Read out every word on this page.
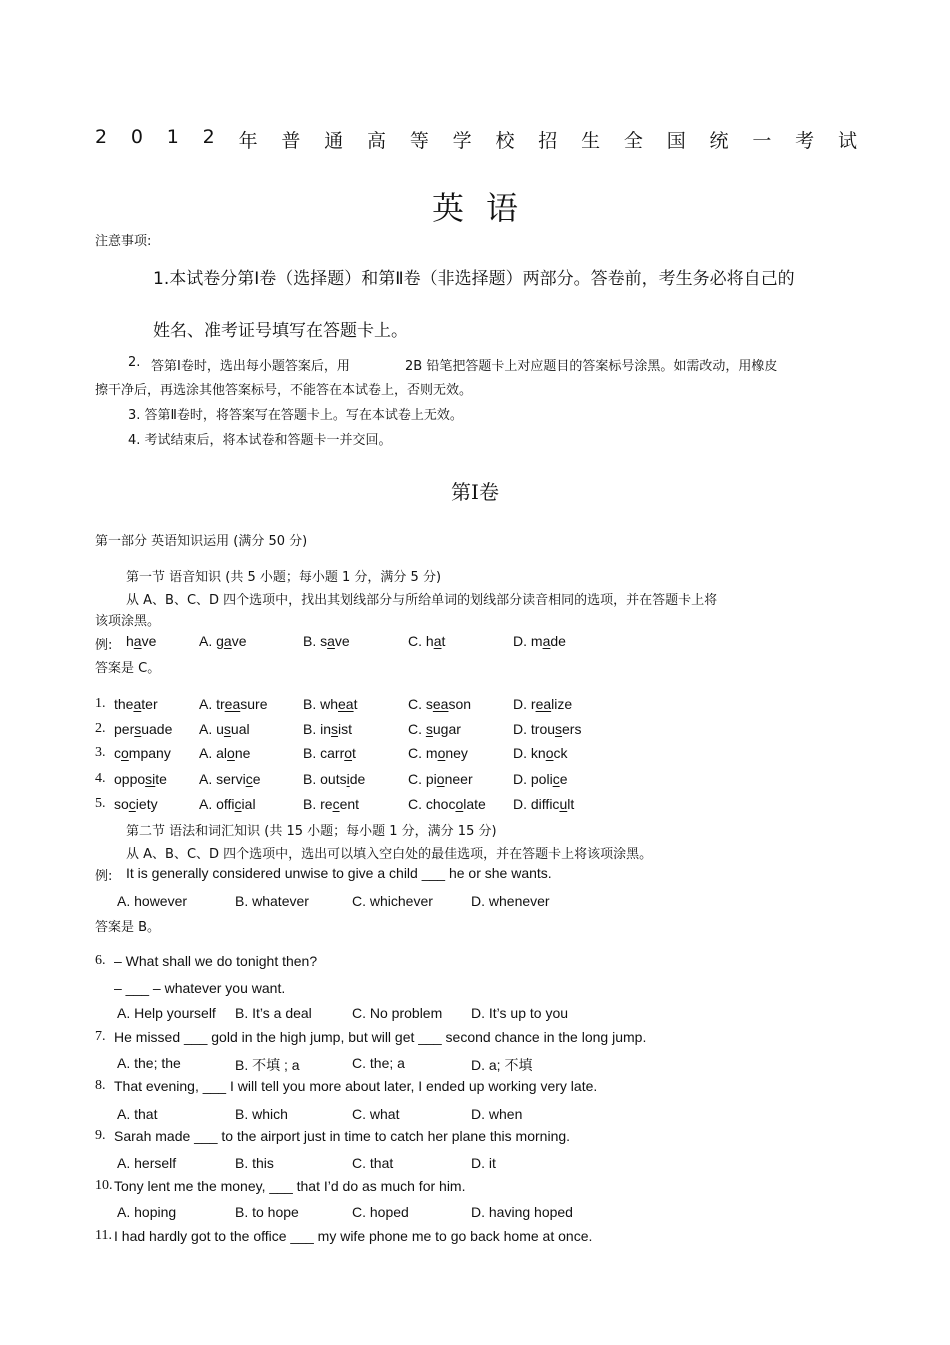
2 0 1 2 年 普 通 高 等 学 校 招 生 全 国 统 一 考 试
英语
注意事项:
1.本试卷分第Ⅰ卷（选择题）和第Ⅱ卷（非选择题）两部分。答卷前，考生务必将自己的
姓名、准考证号填写在答题卡上。
2. 答第Ⅰ卷时，选出每小题答案后，用	2B 铅笔把答题卡上对应题目的答案标号涂黑。如需改动，用橡皮
擦干净后，再选涂其他答案标号，不能答在本试卷上，否则无效。
3. 答第Ⅱ卷时，将答案写在答题卡上。写在本试卷上无效。
4. 考试结束后，将本试卷和答题卡一并交回。
第Ⅰ卷
第一部分 英语知识运用 (满分 50 分)
第一节 语音知识 (共 5 小题；每小题 1 分，满分 5 分)
从 A、B、C、D 四个选项中，找出其划线部分与所给单词的划线部分读音相同的选项，并在答题卡上将
该项涂黑。
例: have	A. gave	B. save	C. hat	D. made
答案是 C。
1. theater	A. treasure	B. wheat	C. season	D. realize
2. persuade A. usual	B. insist	C. sugar	D. trousers
3. company A. alone	B. carrot	C. money	D. knock
4. opposite A. service	B. outside	C. pioneer	D. police
5. society	A. official	B. recent	C. chocolate D. difficult
第二节 语法和词汇知识 (共 15 小题；每小题 1 分，满分 15 分)
从 A、B、C、D 四个选项中，选出可以填入空白处的最佳选项，并在答题卡上将该项涂黑。
例: It is generally considered unwise to give a child ___ he or she wants.
A. however	B. whatever	C. whichever	D. whenever
答案是 B。
6. – What shall we do tonight then?
– ___ – whatever you want.
A. Help yourself B. It’s a deal	C. No problem D. It’s up to you
7. He missed ___ gold in the high jump, but will get ___ second chance in the long jump.
A. the; the	B. 不填 ; a	C. the; a	D. a; 不填
8. That evening, ___ I will tell you more about later, I ended up working very late.
A. that	B. which	C. what	D. when
9. Sarah made ___ to the airport just in time to catch her plane this morning.
A. herself	B. this	C. that	D. it
10. Tony lent me the money, ___ that I’d do as much for him.
A. hoping	B. to hope	C. hoped	D. having hoped
11. I had hardly got to the office ___ my wife phone me to go back home at once.
